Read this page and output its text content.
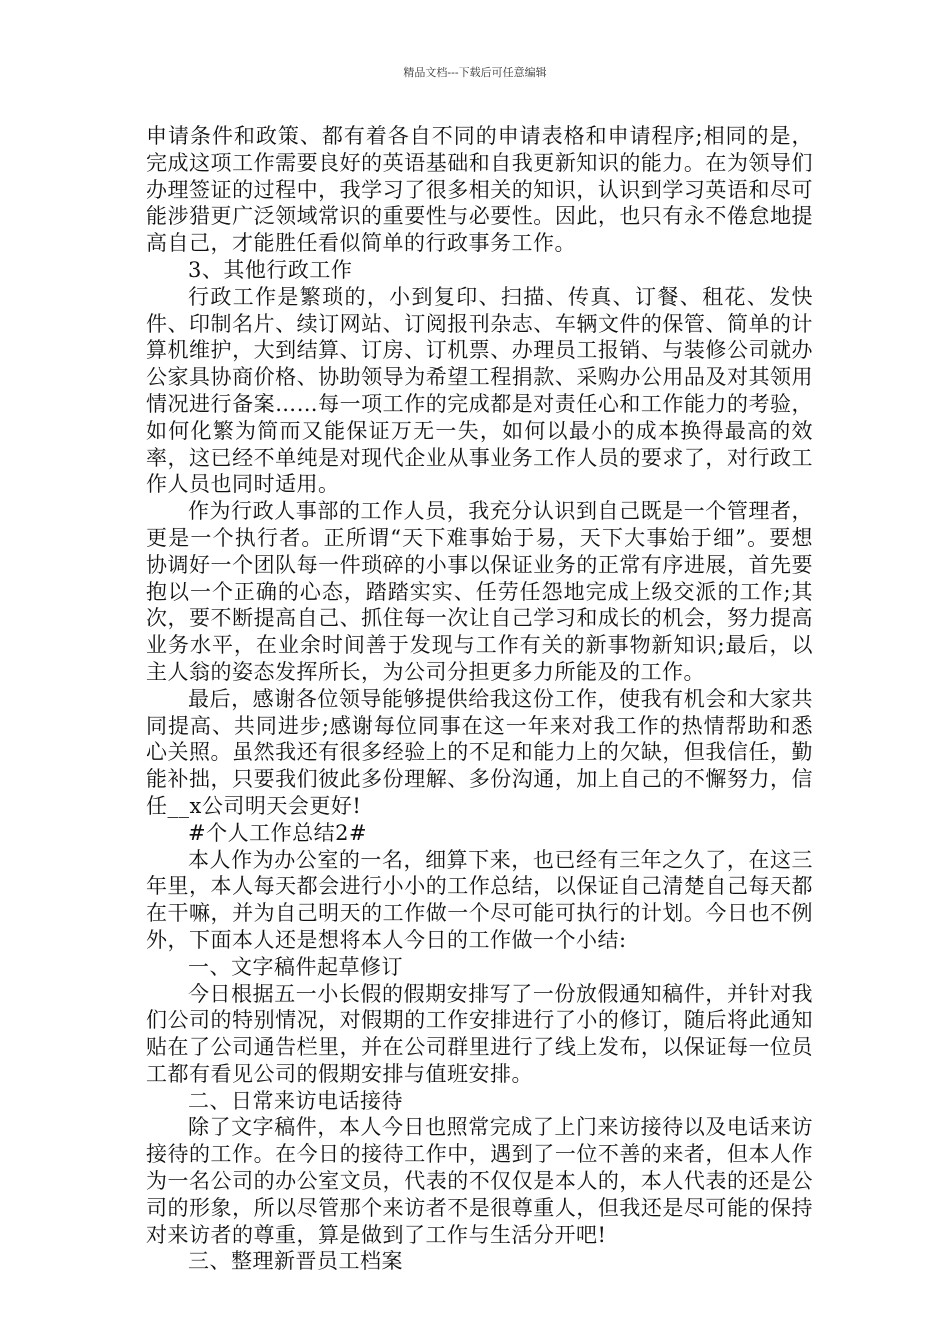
精品文档---下载后可任意编辑

申请条件和政策、都有着各自不同的申请表格和申请程序;相同的是，完成这项工作需要良好的英语基础和自我更新知识的能力。在为领导们办理签证的过程中，我学习了很多相关的知识，认识到学习英语和尽可能涉猎更广泛领域常识的重要性与必要性。因此，也只有永不倦怠地提高自己，才能胜任看似简单的行政事务工作。

3、其他行政工作

行政工作是繁琐的，小到复印、扫描、传真、订餐、租花、发快件、印制名片、续订网站、订阅报刊杂志、车辆文件的保管、简单的计算机维护，大到结算、订房、订机票、办理员工报销、与装修公司就办公家具协商价格、协助领导为希望工程捐款、采购办公用品及对其领用情况进行备案……每一项工作的完成都是对责任心和工作能力的考验，如何化繁为简而又能保证万无一失，如何以最小的成本换得最高的效率，这已经不单纯是对现代企业从事业务工作人员的要求了，对行政工作人员也同时适用。

作为行政人事部的工作人员，我充分认识到自己既是一个管理者，更是一个执行者。正所谓“天下难事始于易，天下大事始于细”。要想协调好一个团队每一件琐碎的小事以保证业务的正常有序进展，首先要抱以一个正确的心态，踏踏实实、任劳任怨地完成上级交派的工作;其次，要不断提高自己、抓住每一次让自己学习和成长的机会，努力提高业务水平，在业余时间善于发现与工作有关的新事物新知识;最后，以主人翁的姿态发挥所长，为公司分担更多力所能及的工作。

最后，感谢各位领导能够提供给我这份工作，使我有机会和大家共同提高、共同进步;感谢每位同事在这一年来对我工作的热情帮助和悉心关照。虽然我还有很多经验上的不足和能力上的欠缺，但我信任，勤能补拙，只要我们彼此多份理解、多份沟通，加上自己的不懈努力，信任__x公司明天会更好!

#个人工作总结2#

本人作为办公室的一名，细算下来，也已经有三年之久了，在这三年里，本人每天都会进行小小的工作总结，以保证自己清楚自己每天都在干嘛，并为自己明天的工作做一个尽可能可执行的计划。今日也不例外，下面本人还是想将本人今日的工作做一个小结:

一、文字稿件起草修订

今日根据五一小长假的假期安排写了一份放假通知稿件，并针对我们公司的特别情况，对假期的工作安排进行了小的修订，随后将此通知贴在了公司通告栏里，并在公司群里进行了线上发布，以保证每一位员工都有看见公司的假期安排与值班安排。

二、日常来访电话接待

除了文字稿件，本人今日也照常完成了上门来访接待以及电话来访接待的工作。在今日的接待工作中，遇到了一位不善的来者，但本人作为一名公司的办公室文员，代表的不仅仅是本人的，本人代表的还是公司的形象，所以尽管那个来访者不是很尊重人，但我还是尽可能的保持对来访者的尊重，算是做到了工作与生活分开吧!

三、整理新晋员工档案
